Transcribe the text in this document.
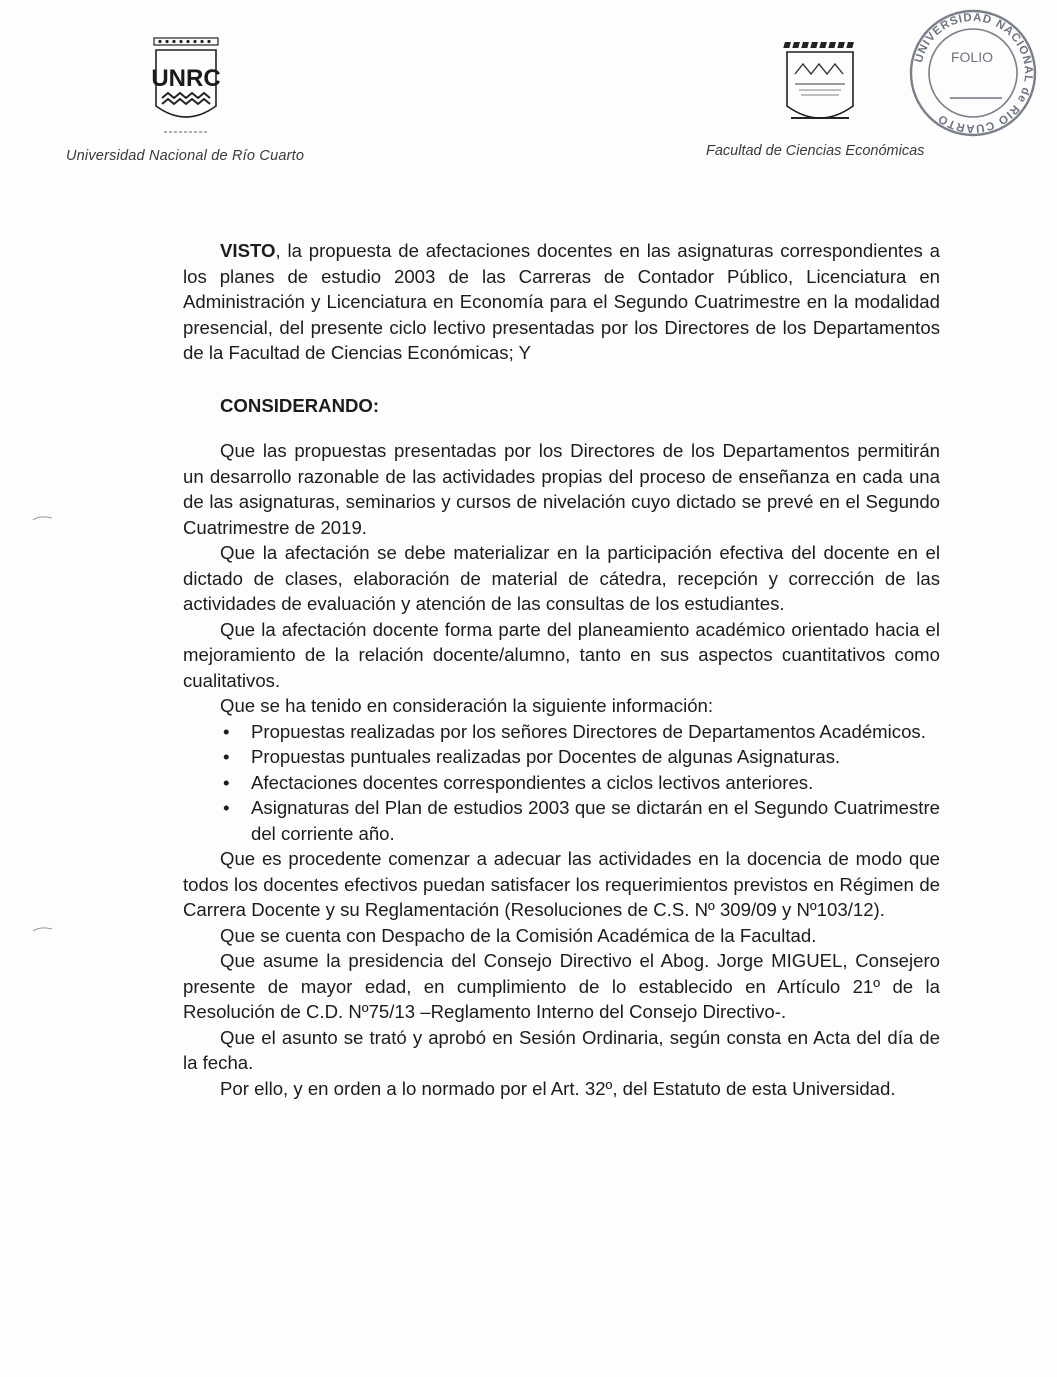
UNRC
Universidad Nacional de Río Cuarto	Facultad de Ciencias Económicas
UNIVERSIDAD NACIONAL de RIO CUARTO
FOLIO

VISTO, la propuesta de afectaciones docentes en las asignaturas correspondientes a los planes de estudio 2003 de las Carreras de Contador Público, Licenciatura en Administración y Licenciatura en Economía para el Segundo Cuatrimestre en la modalidad presencial, del presente ciclo lectivo presentadas por los Directores de los Departamentos de la Facultad de Ciencias Económicas; Y

CONSIDERANDO:

Que las propuestas presentadas por los Directores de los Departamentos permitirán un desarrollo razonable de las actividades propias del proceso de enseñanza en cada una de las asignaturas, seminarios y cursos de nivelación cuyo dictado se prevé en el Segundo Cuatrimestre de 2019.

Que la afectación se debe materializar en la participación efectiva del docente en el dictado de clases, elaboración de material de cátedra, recepción y corrección de las actividades de evaluación y atención de las consultas de los estudiantes.

Que la afectación docente forma parte del planeamiento académico orientado hacia el mejoramiento de la relación docente/alumno, tanto en sus aspectos cuantitativos como cualitativos.

Que se ha tenido en consideración la siguiente información:

• Propuestas realizadas por los señores Directores de Departamentos Académicos.
• Propuestas puntuales realizadas por Docentes de algunas Asignaturas.
• Afectaciones docentes correspondientes a ciclos lectivos anteriores.
• Asignaturas del Plan de estudios 2003 que se dictarán en el Segundo Cuatrimestre del corriente año.

Que es procedente comenzar a adecuar las actividades en la docencia de modo que todos los docentes efectivos puedan satisfacer los requerimientos previstos en Régimen de Carrera Docente y su Reglamentación (Resoluciones de C.S. Nº 309/09 y Nº103/12).

Que se cuenta con Despacho de la Comisión Académica de la Facultad.

Que asume la presidencia del Consejo Directivo el Abog. Jorge MIGUEL, Consejero presente de mayor edad, en cumplimiento de lo establecido en Artículo 21º de la Resolución de C.D. Nº75/13 –Reglamento Interno del Consejo Directivo-.

Que el asunto se trató y aprobó en Sesión Ordinaria, según consta en Acta del día de la fecha.

Por ello, y en orden a lo normado por el Art. 32º, del Estatuto de esta Universidad.
